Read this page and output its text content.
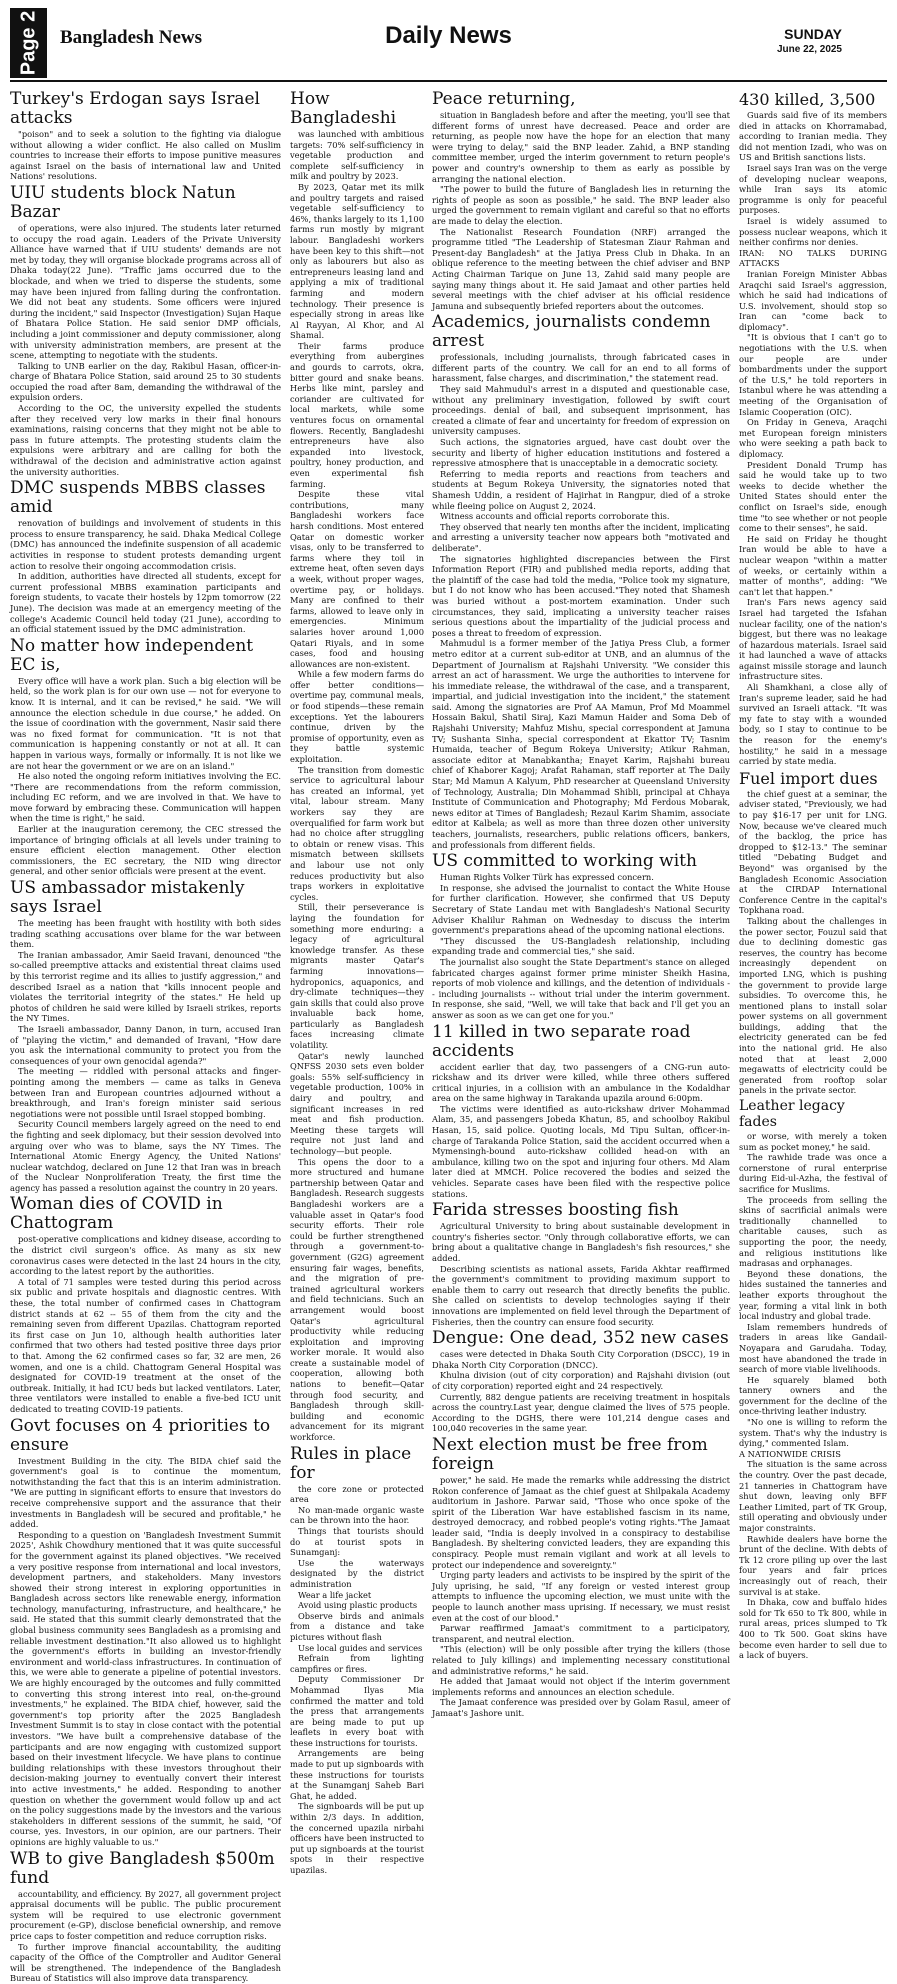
Page 2 Bangladesh News	Daily News	SUNDAY
June 22, 2025
Turkey's Erdogan says Israel attacks

"poison" and to seek a solution to the fighting via dialogue without allowing a wider conflict. He also called on Muslim countries to increase their efforts to impose punitive measures against Israel on the basis of international law and United Nations' resolutions.

UIU students block Natun Bazar

of operations, were also injured. The students later returned to occupy the road again. Leaders of the Private University Alliance have warned that if UIU students' demands are not met by today, they will organise blockade programs across all of Dhaka today(22 June). "Traffic jams occurred due to the blockade, and when we tried to disperse the students, some may have been injured from falling during the confrontation. We did not beat any students. Some officers were injured during the incident," said Inspector (Investigation) Sujan Haque of Bhatara Police Station. He said senior DMP officials, including a joint commissioner and deputy commissioner, along with university administration members, are present at the scene, attempting to negotiate with the students.

Talking to UNB earlier on the day, Rakibul Hasan, officer-in-charge of Bhatara Police Station, said around 25 to 30 students occupied the road after 8am, demanding the withdrawal of the expulsion orders.

According to the OC, the university expelled the students after they received very low marks in their final honours examinations, raising concerns that they might not be able to pass in future attempts. The protesting students claim the expulsions were arbitrary and are calling for both the withdrawal of the decision and administrative action against the university authorities.

DMC suspends MBBS classes amid

renovation of buildings and involvement of students in this process to ensure transparency, he said. Dhaka Medical College (DMC) has announced the indefinite suspension of all academic activities in response to student protests demanding urgent action to resolve their ongoing accommodation crisis.

In addition, authorities have directed all students, except for current professional MBBS examination participants and foreign students, to vacate their hostels by 12pm tomorrow (22 June). The decision was made at an emergency meeting of the college's Academic Council held today (21 June), according to an official statement issued by the DMC administration.

No matter how independent EC is,

Every office will have a work plan. Such a big election will be held, so the work plan is for our own use — not for everyone to know. It is internal, and it can be revised," he said. "We will announce the election schedule in due course," he added. On the issue of coordination with the government, Nasir said there was no fixed format for communication. "It is not that communication is happening constantly or not at all. It can happen in various ways, formally or informally. It is not like we are not hear the government or we are on an island."

He also noted the ongoing reform initiatives involving the EC. "There are recommendations from the reform commission, including EC reform, and we are involved in that. We have to move forward by embracing these. Communication will happen when the time is right," he said.

Earlier at the inauguration ceremony, the CEC stressed the importance of bringing officials at all levels under training to ensure efficient election management. Other election commissioners, the EC secretary, the NID wing director general, and other senior officials were present at the event.

US ambassador mistakenly says Israel

The meeting has been fraught with hostility with both sides trading scathing accusations over blame for the war between them.

The Iranian ambassador, Amir Saeid Iravani, denounced "the so-called preemptive attacks and existential threat claims used by this terrorist regime and its allies to justify aggression," and described Israel as a nation that "kills innocent people and violates the territorial integrity of the states." He held up photos of children he said were killed by Israeli strikes, reports the NY Times.

The Israeli ambassador, Danny Danon, in turn, accused Iran of "playing the victim," and demanded of Iravani, "How dare you ask the international community to protect you from the consequences of your own genocidal agenda?"

The meeting — riddled with personal attacks and finger-pointing among the members — came as talks in Geneva between Iran and European countries adjourned without a breakthrough, and Iran's foreign minister said serious negotiations were not possible until Israel stopped bombing.

Security Council members largely agreed on the need to end the fighting and seek diplomacy, but their session devolved into arguing over who was to blame, says the NY Times. The International Atomic Energy Agency, the United Nations' nuclear watchdog, declared on June 12 that Iran was in breach of the Nuclear Nonproliferation Treaty, the first time the agency has passed a resolution against the country in 20 years.

Woman dies of COVID in Chattogram

post-operative complications and kidney disease, according to the district civil surgeon's office. As many as six new coronavirus cases were detected in the last 24 hours in the city, according to the latest report by the authorities.

A total of 71 samples were tested during this period across six public and private hospitals and diagnostic centres. With these, the total number of confirmed cases in Chattogram district stands at 62 -- 55 of them from the city and the remaining seven from different Upazilas. Chattogram reported its first case on Jun 10, although health authorities later confirmed that two others had tested positive three days prior to that. Among the 62 confirmed cases so far, 32 are men, 26 women, and one is a child. Chattogram General Hospital was designated for COVID-19 treatment at the onset of the outbreak. Initially, it had ICU beds but lacked ventilators. Later, three ventilators were installed to enable a five-bed ICU unit dedicated to treating COVID-19 patients.

Govt focuses on 4 priorities to ensure

Investment Building in the city. The BIDA chief said the government's goal is to continue the momentum, notwithstanding the fact that this is an interim administration. "We are putting in significant efforts to ensure that investors do receive comprehensive support and the assurance that their investments in Bangladesh will be secured and profitable," he added.

Responding to a question on 'Bangladesh Investment Summit 2025', Ashik Chowdhury mentioned that it was quite successful for the government against its planed objectives. "We received a very positive response from international and local investors, development partners, and stakeholders. Many investors showed their strong interest in exploring opportunities in Bangladesh across sectors like renewable energy, information technology, manufacturing, infrastructure, and healthcare," he said. He stated that this summit clearly demonstrated that the global business community sees Bangladesh as a promising and reliable investment destination."It also allowed us to highlight the government's efforts in building an investor-friendly environment and world-class infrastructures. In continuation of this, we were able to generate a pipeline of potential investors. We are highly encouraged by the outcomes and fully committed to converting this strong interest into real, on-the-ground investments," he explained. The BIDA chief, however, said the government's top priority after the 2025 Bangladesh Investment Summit is to stay in close contact with the potential investors. "We have built a comprehensive database of the participants and are now engaging with customized support based on their investment lifecycle. We have plans to continue building relationships with these investors throughout their decision-making journey to eventually convert their interest into active investments," he added. Responding to another question on whether the government would follow up and act on the policy suggestions made by the investors and the various stakeholders in different sessions of the summit, he said, "Of course, yes. Investors, in our opinion, are our partners. Their opinions are highly valuable to us."

WB to give Bangladesh $500m fund

accountability, and efficiency. By 2027, all government project appraisal documents will be public. The public procurement system will be required to use electronic government procurement (e-GP), disclose beneficial ownership, and remove price caps to foster competition and reduce corruption risks.

To further improve financial accountability, the auditing capacity of the Office of the Comptroller and Auditor General will be strengthened. The independence of the Bangladesh Bureau of Statistics will also improve data transparency.

How Bangladeshi

was launched with ambitious targets: 70% self-sufficiency in vegetable production and complete self-sufficiency in milk and poultry by 2023.

By 2023, Qatar met its milk and poultry targets and raised vegetable self-sufficiency to 46%, thanks largely to its 1,100 farms run mostly by migrant labour. Bangladeshi workers have been key to this shift—not only as labourers but also as entrepreneurs leasing land and applying a mix of traditional farming and modern technology. Their presence is especially strong in areas like Al Rayyan, Al Khor, and Al Shamal.

Their farms produce everything from aubergines and gourds to carrots, okra, bitter gourd and snake beans. Herbs like mint, parsley and coriander are cultivated for local markets, while some ventures focus on ornamental flowers. Recently, Bangladeshi entrepreneurs have also expanded into livestock, poultry, honey production, and even experimental fish farming.

Despite these vital contributions, many Bangladeshi workers face harsh conditions. Most entered Qatar on domestic worker visas, only to be transferred to farms where they toil in extreme heat, often seven days a week, without proper wages, overtime pay, or holidays. Many are confined to their farms, allowed to leave only in emergencies. Minimum salaries hover around 1,000 Qatari Riyals, and in some cases, food and housing allowances are non-existent.

While a few modern farms do offer better conditions—overtime pay, communal meals, or food stipends—these remain exceptions. Yet the labourers continue, driven by the promise of opportunity, even as they battle systemic exploitation.

The transition from domestic service to agricultural labour has created an informal, yet vital, labour stream. Many workers say they are overqualified for farm work but had no choice after struggling to obtain or renew visas. This mismatch between skillsets and labour use not only reduces productivity but also traps workers in exploitative cycles.

Still, their perseverance is laying the foundation for something more enduring: a legacy of agricultural knowledge transfer. As these migrants master Qatar's farming innovations—hydroponics, aquaponics, and dry-climate techniques—they gain skills that could also prove invaluable back home, particularly as Bangladesh faces increasing climate volatility.

Qatar's newly launched QNFSS 2030 sets even bolder goals: 55% self-sufficiency in vegetable production, 100% in dairy and poultry, and significant increases in red meat and fish production. Meeting these targets will require not just land and technology—but people.

This opens the door to a more structured and humane partnership between Qatar and Bangladesh. Research suggests Bangladeshi workers are a valuable asset in Qatar's food security efforts. Their role could be further strengthened through a government-to-government (G2G) agreement ensuring fair wages, benefits, and the migration of pre-trained agricultural workers and field technicians. Such an arrangement would boost Qatar's agricultural productivity while reducing exploitation and improving worker morale. It would also create a sustainable model of cooperation, allowing both nations to benefit—Qatar through food security, and Bangladesh through skill-building and economic advancement for its migrant workforce.

Rules in place for

the core zone or protected area

No man-made organic waste can be thrown into the haor.

Things that tourists should do at tourist spots in Sunamganj:

Use the waterways designated by the district administration

Wear a life jacket

Avoid using plastic products

Observe birds and animals from a distance and take pictures without flash

Use local guides and services

Refrain from lighting campfires or fires.

Deputy Commissioner Dr Mohammad Ilyas Mia confirmed the matter and told the press that arrangements are being made to put up leaflets in every boat with these instructions for tourists.

Arrangements are being made to put up signboards with these instructions for tourists at the Sunamganj Saheb Bari Ghat, he added.

The signboards will be put up within 2/3 days. In addition, the concerned upazila nirbahi officers have been instructed to put up signboards at the tourist spots in their respective upazilas.

Peace returning,

situation in Bangladesh before and after the meeting, you'll see that different forms of unrest have decreased. Peace and order are returning, as people now have the hope for an election that many were trying to delay," said the BNP leader. Zahid, a BNP standing committee member, urged the interim government to return people's power and country's ownership to them as early as possible by arranging the national election.

"The power to build the future of Bangladesh lies in returning the rights of people as soon as possible," he said. The BNP leader also urged the government to remain vigilant and careful so that no efforts are made to delay the election.

The Nationalist Research Foundation (NRF) arranged the programme titled "The Leadership of Statesman Ziaur Rahman and Present-day Bangladesh" at the Jatiya Press Club in Dhaka. In an oblique reference to the meeting between the chief adviser and BNP Acting Chairman Tarique on June 13, Zahid said many people are saying many things about it. He said Jamaat and other parties held several meetings with the chief adviser at his official residence Jamuna and subsequently briefed reporters about the outcomes.

Academics, journalists condemn arrest

professionals, including journalists, through fabricated cases in different parts of the country. We call for an end to all forms of harassment, false charges, and discrimination," the statement read.

They said Mahmudul's arrest in a disputed and questionable case, without any preliminary investigation, followed by swift court proceedings. denial of bail, and subsequent imprisonment, has created a climate of fear and uncertainty for freedom of expression on university campuses.

Such actions, the signatories argued, have cast doubt over the security and liberty of higher education institutions and fostered a repressive atmosphere that is unacceptable in a democratic society.

Referring to media reports and reactions from teachers and students at Begum Rokeya University, the signatories noted that Shamesh Uddin, a resident of Hajirhat in Rangpur, died of a stroke while fleeing police on August 2, 2024.

Witness accounts and official reports corroborate this.

They observed that nearly ten months after the incident, implicating and arresting a university teacher now appears both "motivated and deliberate".

The signatories highlighted discrepancies between the First Information Report (FIR) and published media reports, adding that the plaintiff of the case had told the media, "Police took my signature, but I do not know who has been accused."They noted that Shamesh was buried without a post-mortem examination. Under such circumstances, they said, implicating a university teacher raises serious questions about the impartiality of the judicial process and poses a threat to freedom of expression.

Mahmudul is a former member of the Jatiya Press Club, a former metro editor at a current sub-editor at UNB, and an alumnus of the Department of Journalism at Rajshahi University. "We consider this arrest an act of harassment. We urge the authorities to intervene for his immediate release, the withdrawal of the case, and a transparent, impartial, and judicial investigation into the incident," the statement said. Among the signatories are Prof AA Mamun, Prof Md Moammel Hossain Bakul, Shatil Siraj, Kazi Mamun Haider and Soma Deb of Rajshahi University; Mahfuz Mishu, special correspondent at Jamuna TV; Sushanta Sinha, special correspondent at Ekattor TV; Tasnim Humaida, teacher of Begum Rokeya University; Atikur Rahman, associate editor at Manabkantha; Enayet Karim, Rajshahi bureau chief of Khaborer Kagoj; Arafat Rahaman, staff reporter at The Daily Star; Md Mamun A Kalyum, PhD researcher at Queensland University of Technology, Australia; Din Mohammad Shibli, principal at Chhaya Institute of Communication and Photography; Md Ferdous Mobarak, news editor at Times of Bangladesh; Rezaul Karim Shamim, associate editor at Kalbela; as well as more than three dozen other university teachers, journalists, researchers, public relations officers, bankers, and professionals from different fields.

US committed to working with

Human Rights Volker Türk has expressed concern.

In response, she advised the journalist to contact the White House for further clarification. However, she confirmed that US Deputy Secretary of State Landau met with Bangladesh's National Security Adviser Khalilur Rahman on Wednesday to discuss the interim government's preparations ahead of the upcoming national elections.

"They discussed the US-Bangladesh relationship, including expanding trade and commercial ties," she said.

The journalist also sought the State Department's stance on alleged fabricated charges against former prime minister Sheikh Hasina, reports of mob violence and killings, and the detention of individuals -- including journalists -- without trial under the interim government. In response, she said, "Well, we will take that back and I'll get you an answer as soon as we can get one for you."

11 killed in two separate road accidents

accident earlier that day, two passengers of a CNG-run auto-rickshaw and its driver were killed, while three others suffered critical injuries, in a collision with an ambulance in the Kodaldhar area on the same highway in Tarakanda upazila around 6:00pm.

The victims were identified as auto-rickshaw driver Mohammad Alam, 35, and passengers Jobeda Khatun, 85, and schoolboy Rakibul Hasan, 15, said police. Quoting locals, Md Tipu Sultan, officer-in-charge of Tarakanda Police Station, said the accident occurred when a Mymensingh-bound auto-rickshaw collided head-on with an ambulance, killing two on the spot and injuring four others. Md Alam later died at MMCH. Police recovered the bodies and seized the vehicles. Separate cases have been filed with the respective police stations.

Farida stresses boosting fish

Agricultural University to bring about sustainable development in country's fisheries sector. "Only through collaborative efforts, we can bring about a qualitative change in Bangladesh's fish resources," she added.

Describing scientists as national assets, Farida Akhtar reaffirmed the government's commitment to providing maximum support to enable them to carry out research that directly benefits the public. She called on scientists to develop technologies saying if their innovations are implemented on field level through the Department of Fisheries, then the country can ensure food security.

Dengue: One dead, 352 new cases

cases were detected in Dhaka South City Corporation (DSCC), 19 in Dhaka North City Corporation (DNCC).

Khulna division (out of city corporation) and Rajshahi division (out of city corporation) reported eight and 24 respectively.

Currently, 882 dengue patients are receiving treatment in hospitals across the country.Last year, dengue claimed the lives of 575 people. According to the DGHS, there were 101,214 dengue cases and 100,040 recoveries in the same year.

Next election must be free from foreign

power," he said. He made the remarks while addressing the district Rokon conference of Jamaat as the chief guest at Shilpakala Academy auditorium in Jashore. Parwar said, "Those who once spoke of the spirit of the Liberation War have established fascism in its name, destroyed democracy, and robbed people's voting rights."The Jamaat leader said, "India is deeply involved in a conspiracy to destabilise Bangladesh. By sheltering convicted leaders, they are expanding this conspiracy. People must remain vigilant and work at all levels to protect our independence and sovereignty."

Urging party leaders and activists to be inspired by the spirit of the July uprising, he said, "If any foreign or vested interest group attempts to influence the upcoming election, we must unite with the people to launch another mass uprising. If necessary, we must resist even at the cost of our blood."

Parwar reaffirmed Jamaat's commitment to a participatory, transparent, and neutral election.

"This (election) will be only possible after trying the killers (those related to July killings) and implementing necessary constitutional and administrative reforms," he said.

He added that Jamaat would not object if the interim government implements reforms and announces an election schedule.

The Jamaat conference was presided over by Golam Rasul, ameer of Jamaat's Jashore unit.

430 killed, 3,500

Guards said five of its members died in attacks on Khorramabad, according to Iranian media. They did not mention Izadi, who was on US and British sanctions lists.

Israel says Iran was on the verge of developing nuclear weapons, while Iran says its atomic programme is only for peaceful purposes.

Israel is widely assumed to possess nuclear weapons, which it neither confirms nor denies.

IRAN: NO TALKS DURING ATTACKS

Iranian Foreign Minister Abbas Araqchi said Israel's aggression, which he said had indications of U.S. involvement, should stop so Iran can "come back to diplomacy".

"It is obvious that I can't go to negotiations with the U.S. when our people are under bombardments under the support of the U.S," he told reporters in Istanbul where he was attending a meeting of the Organisation of Islamic Cooperation (OIC).

On Friday in Geneva, Araqchi met European foreign ministers who were seeking a path back to diplomacy.

President Donald Trump has said he would take up to two weeks to decide whether the United States should enter the conflict on Israel's side, enough time "to see whether or not people come to their senses", he said.

He said on Friday he thought Iran would be able to have a nuclear weapon "within a matter of weeks, or certainly within a matter of months", adding: "We can't let that happen."

Iran's Fars news agency said Israel had targeted the Isfahan nuclear facility, one of the nation's biggest, but there was no leakage of hazardous materials. Israel said it had launched a wave of attacks against missile storage and launch infrastructure sites.

Ali Shamkhani, a close ally of Iran's supreme leader, said he had survived an Israeli attack. "It was my fate to stay with a wounded body, so I stay to continue to be the reason for the enemy's hostility," he said in a message carried by state media.

Fuel import dues

the chief guest at a seminar, the adviser stated, "Previously, we had to pay $16-17 per unit for LNG. Now, because we've cleared much of the backlog, the price has dropped to $12-13." The seminar titled "Debating Budget and Beyond" was organised by the Bangladesh Economic Association at the CIRDAP International Conference Centre in the capital's Topkhana road.

Talking about the challenges in the power sector, Fouzul said that due to declining domestic gas reserves, the country has become increasingly dependent on imported LNG, which is pushing the government to provide large subsidies. To overcome this, he mentioned plans to install solar power systems on all government buildings, adding that the electricity generated can be fed into the national grid. He also noted that at least 2,000 megawatts of electricity could be generated from rooftop solar panels in the private sector.

Leather legacy fades

or worse, with merely a token sum as pocket money," he said.

The rawhide trade was once a cornerstone of rural enterprise during Eid-ul-Azha, the festival of sacrifice for Muslims.

The proceeds from selling the skins of sacrificial animals were traditionally channelled to charitable causes, such as supporting the poor, the needy, and religious institutions like madrasas and orphanages.

Beyond these donations, the hides sustained the tanneries and leather exports throughout the year, forming a vital link in both local industry and global trade.

Islam remembers hundreds of traders in areas like Gandail-Noyapara and Garudaha. Today, most have abandoned the trade in search of more viable livelihoods.

He squarely blamed both tannery owners and the government for the decline of the once-thriving leather industry.

"No one is willing to reform the system. That's why the industry is dying," commented Islam.

A NATIONWIDE CRISIS

The situation is the same across the country. Over the past decade, 21 tanneries in Chattogram have shut down, leaving only BFF Leather Limited, part of TK Group, still operating and obviously under major constraints.

Rawhide dealers have borne the brunt of the decline. With debts of Tk 12 crore piling up over the last four years and fair prices increasingly out of reach, their survival is at stake.

In Dhaka, cow and buffalo hides sold for Tk 650 to Tk 800, while in rural areas, prices slumped to Tk 400 to Tk 500. Goat skins have become even harder to sell due to a lack of buyers.
